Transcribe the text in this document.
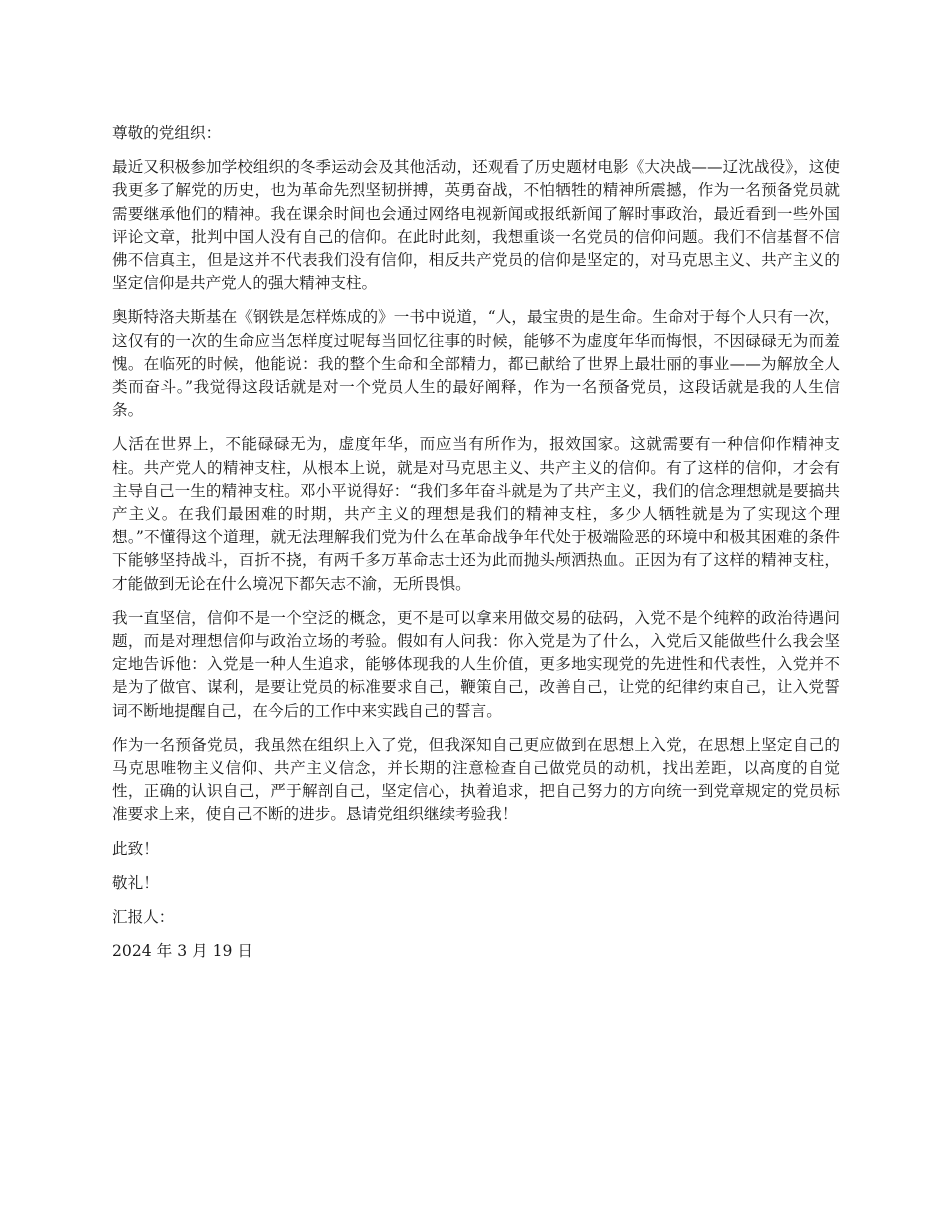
尊敬的党组织：

最近又积极参加学校组织的冬季运动会及其他活动，还观看了历史题材电影《大决战——辽沈战役》，这使我更多了解党的历史，也为革命先烈坚韧拼搏，英勇奋战，不怕牺牲的精神所震撼，作为一名预备党员就需要继承他们的精神。我在课余时间也会通过网络电视新闻或报纸新闻了解时事政治，最近看到一些外国评论文章，批判中国人没有自己的信仰。在此时此刻，我想重谈一名党员的信仰问题。我们不信基督不信佛不信真主，但是这并不代表我们没有信仰，相反共产党员的信仰是坚定的，对马克思主义、共产主义的坚定信仰是共产党人的强大精神支柱。

奥斯特洛夫斯基在《钢铁是怎样炼成的》一书中说道，“人，最宝贵的是生命。生命对于每个人只有一次，这仅有的一次的生命应当怎样度过呢每当回忆往事的时候，能够不为虚度年华而悔恨，不因碌碌无为而羞愧。在临死的时候，他能说：我的整个生命和全部精力，都已献给了世界上最壮丽的事业——为解放全人类而奋斗。”我觉得这段话就是对一个党员人生的最好阐释，作为一名预备党员，这段话就是我的人生信条。

人活在世界上，不能碌碌无为，虚度年华，而应当有所作为，报效国家。这就需要有一种信仰作精神支柱。共产党人的精神支柱，从根本上说，就是对马克思主义、共产主义的信仰。有了这样的信仰，才会有主导自己一生的精神支柱。邓小平说得好：“我们多年奋斗就是为了共产主义，我们的信念理想就是要搞共产主义。在我们最困难的时期，共产主义的理想是我们的精神支柱，多少人牺牲就是为了实现这个理想。”不懂得这个道理，就无法理解我们党为什么在革命战争年代处于极端险恶的环境中和极其困难的条件下能够坚持战斗，百折不挠，有两千多万革命志士还为此而抛头颅洒热血。正因为有了这样的精神支柱，才能做到无论在什么境况下都矢志不渝，无所畏惧。

我一直坚信，信仰不是一个空泛的概念，更不是可以拿来用做交易的砝码，入党不是个纯粹的政治待遇问题，而是对理想信仰与政治立场的考验。假如有人问我：你入党是为了什么，入党后又能做些什么我会坚定地告诉他：入党是一种人生追求，能够体现我的人生价值，更多地实现党的先进性和代表性，入党并不是为了做官、谋利，是要让党员的标准要求自己，鞭策自己，改善自己，让党的纪律约束自己，让入党誓词不断地提醒自己，在今后的工作中来实践自己的誓言。

作为一名预备党员，我虽然在组织上入了党，但我深知自己更应做到在思想上入党，在思想上坚定自己的马克思唯物主义信仰、共产主义信念，并长期的注意检查自己做党员的动机，找出差距，以高度的自觉性，正确的认识自己，严于解剖自己，坚定信心，执着追求，把自己努力的方向统一到党章规定的党员标准要求上来，使自己不断的进步。恳请党组织继续考验我！

此致！

敬礼！

汇报人：

2024 年 3 月 19 日
